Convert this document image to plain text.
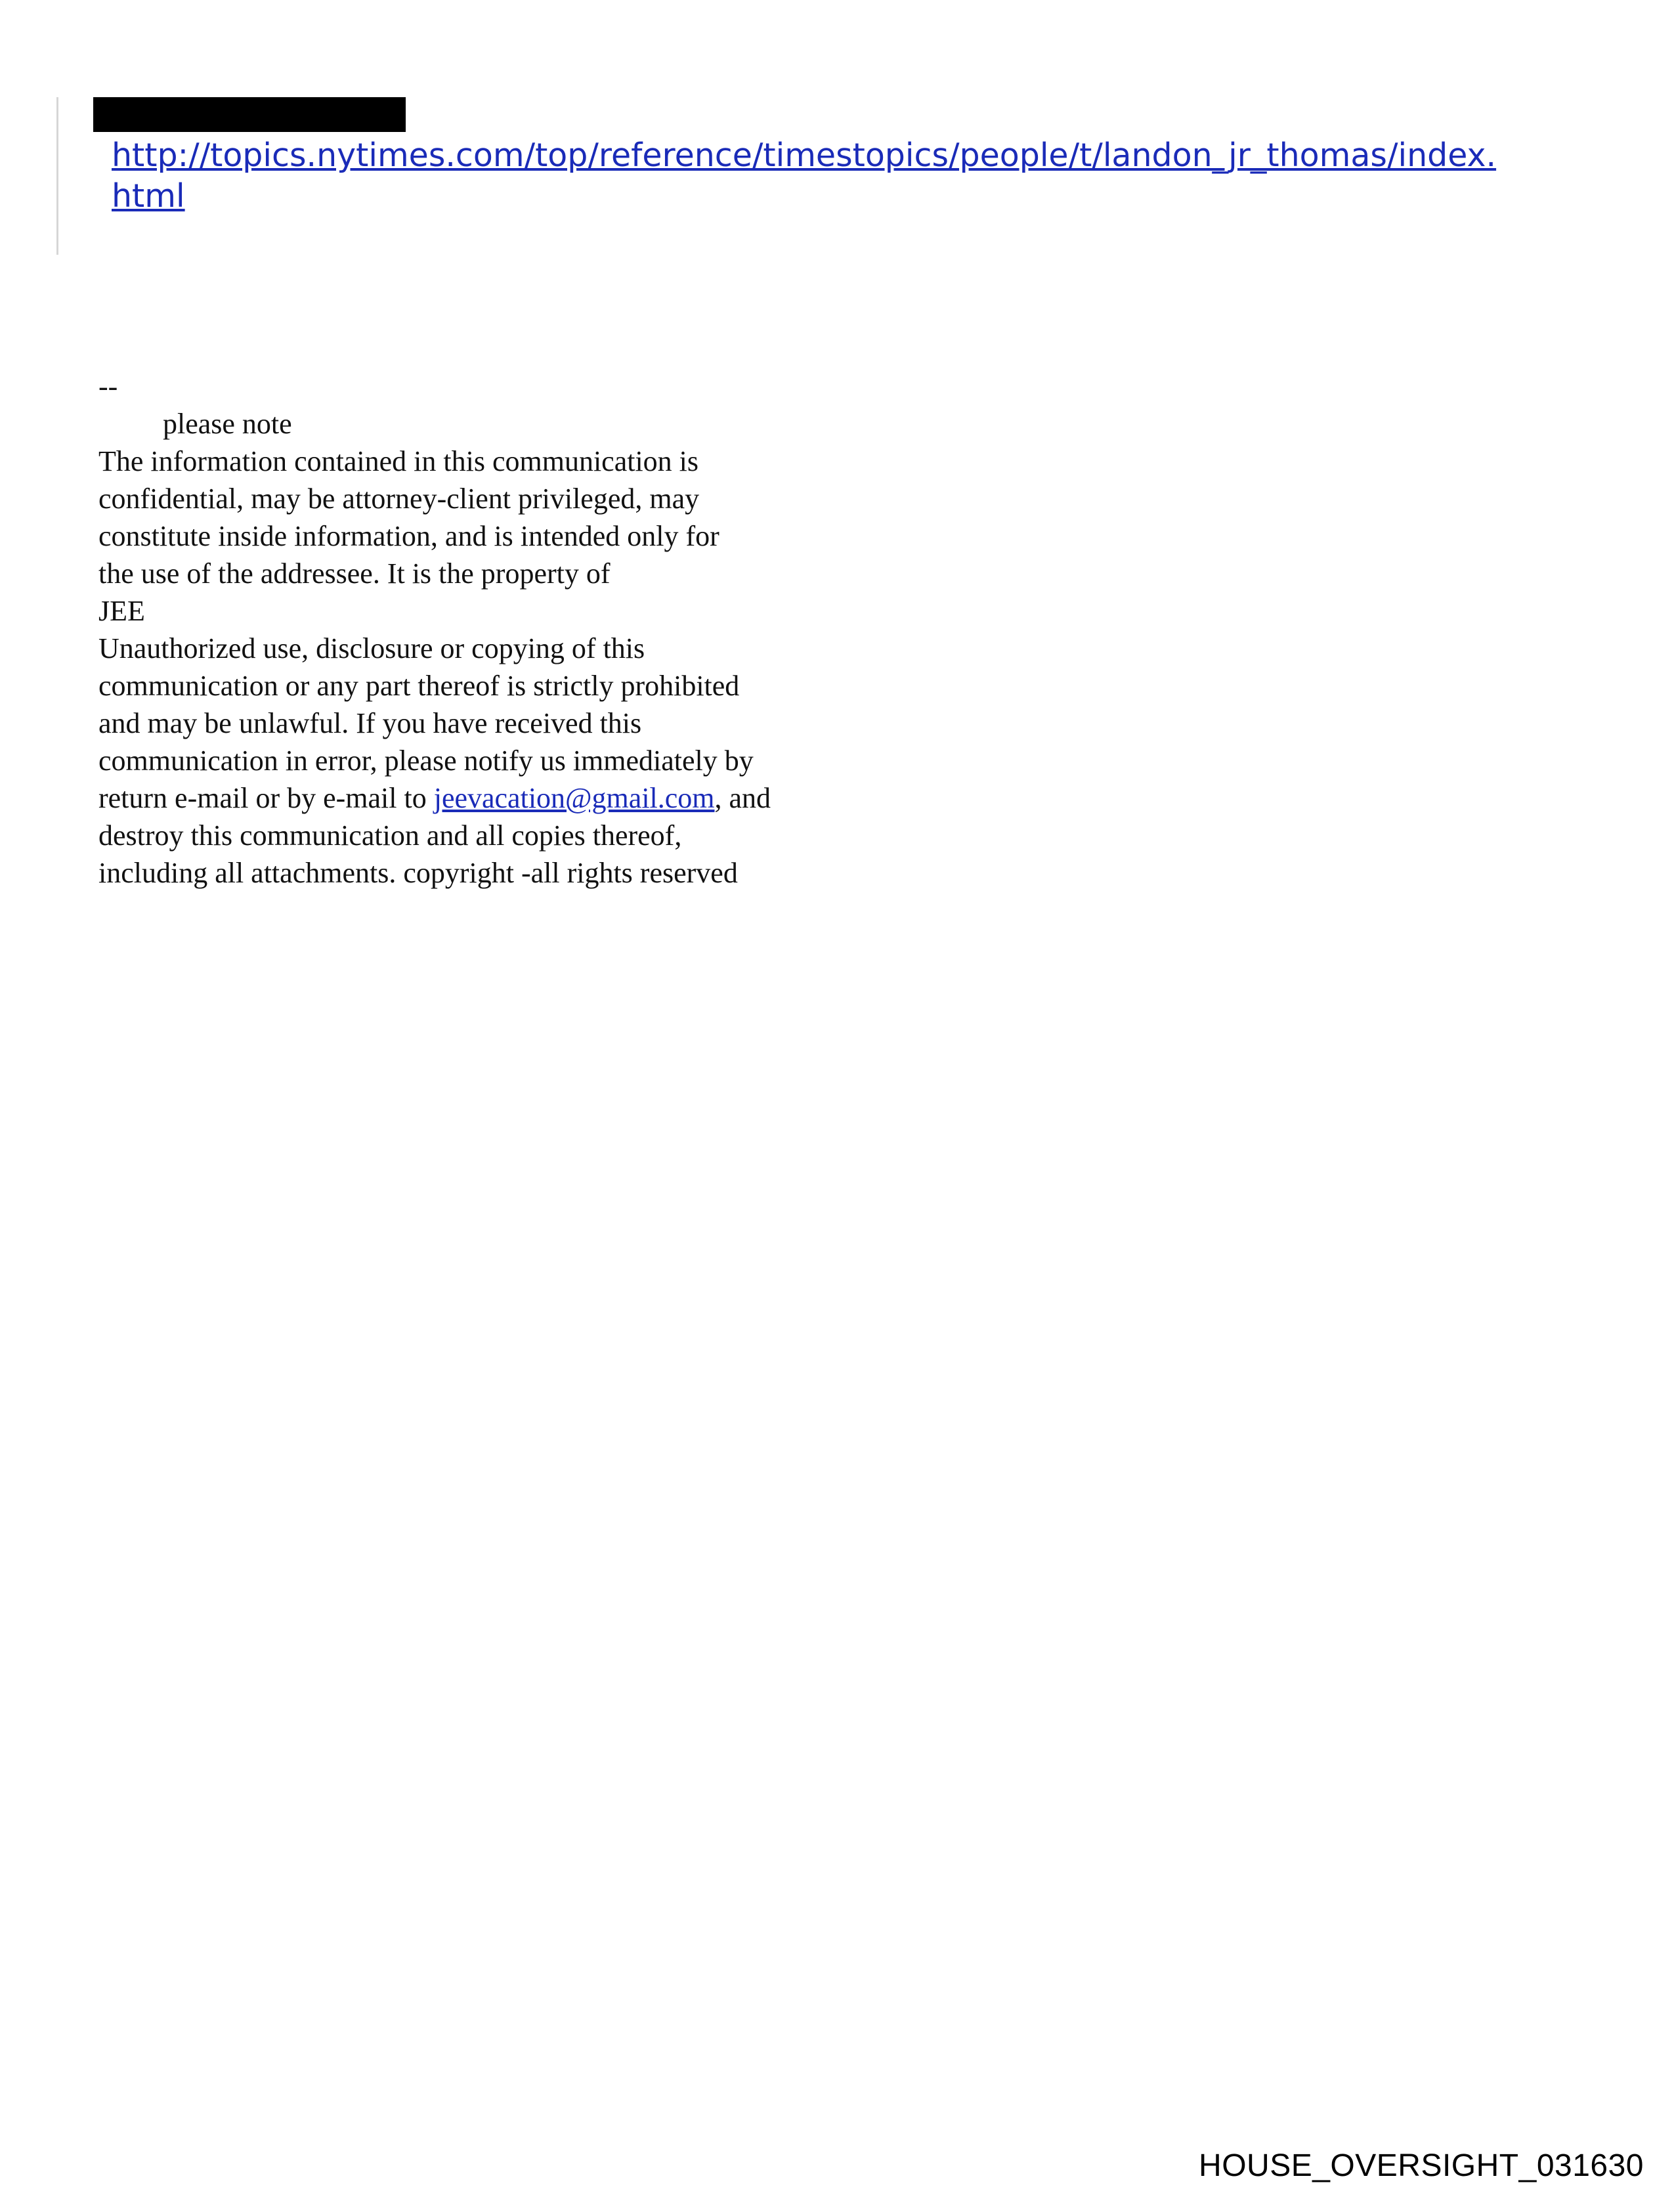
http://topics.nytimes.com/top/reference/timestopics/people/t/landon_jr_thomas/index.
html
--
please note
The information contained in this communication is
confidential, may be attorney-client privileged, may
constitute inside information, and is intended only for
the use of the addressee. It is the property of
JEE
Unauthorized use, disclosure or copying of this
communication or any part thereof is strictly prohibited
and may be unlawful. If you have received this
communication in error, please notify us immediately by
return e-mail or by e-mail to jeevacation@gmail.com, and
destroy this communication and all copies thereof,
including all attachments. copyright -all rights reserved
HOUSE_OVERSIGHT_031630
